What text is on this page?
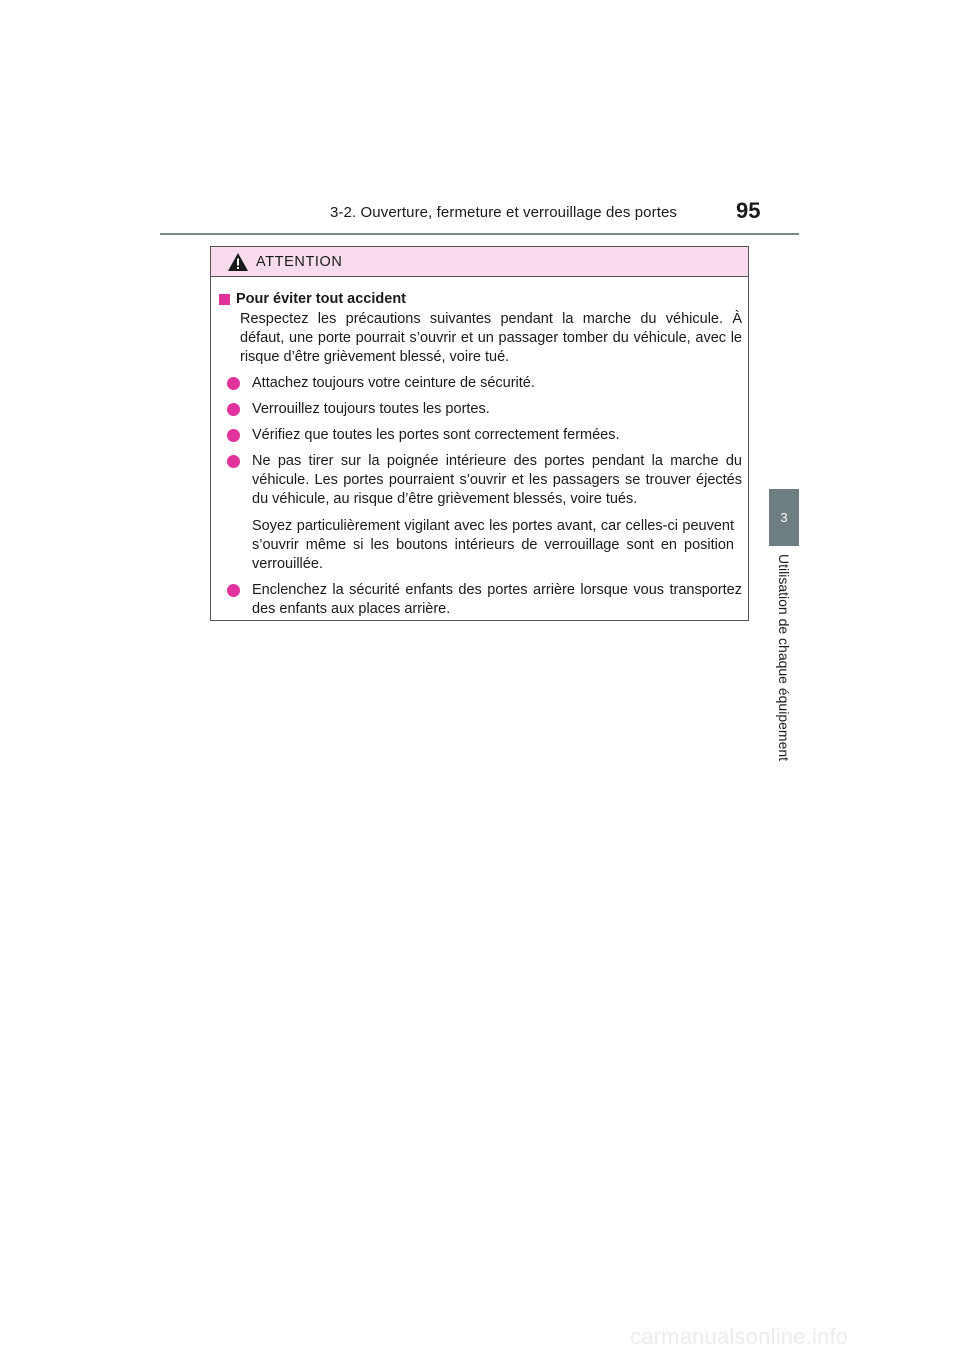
3-2. Ouverture, fermeture et verrouillage des portes	95
3
Utilisation de chaque équipement
ATTENTION
Pour éviter tout accident
Respectez les précautions suivantes pendant la marche du véhicule. À défaut, une porte pourrait s’ouvrir et un passager tomber du véhicule, avec le risque d’être grièvement blessé, voire tué.
Attachez toujours votre ceinture de sécurité.
Verrouillez toujours toutes les portes.
Vérifiez que toutes les portes sont correctement fermées.
Ne pas tirer sur la poignée intérieure des portes pendant la marche du véhicule. Les portes pourraient s’ouvrir et les passagers se trouver éjectés du véhicule, au risque d’être grièvement blessés, voire tués.
Soyez particulièrement vigilant avec les portes avant, car celles-ci peuvent s’ouvrir même si les boutons intérieurs de verrouillage sont en position verrouillée.
Enclenchez la sécurité enfants des portes arrière lorsque vous transportez des enfants aux places arrière.
carmanualsonline.info
